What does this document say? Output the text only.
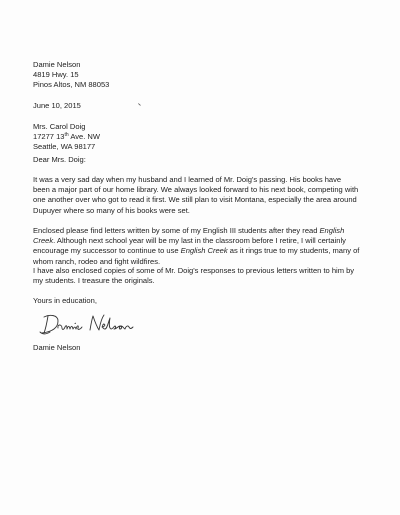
Damie Nelson
4819 Hwy. 15
Pinos Altos, NM 88053
June 10, 2015
Mrs. Carol Doig
17277 13th Ave. NW
Seattle, WA 98177
Dear Mrs. Doig:
It was a very sad day when my husband and I learned of Mr. Doig's passing. His books have
been a major part of our home library. We always looked forward to his next book, competing with
one another over who got to read it first. We still plan to visit Montana, especially the area around
Dupuyer where so many of his books were set.
Enclosed please find letters written by some of my English III students after they read English
Creek. Although next school year will be my last in the classroom before I retire, I will certainly
encourage my successor to continue to use English Creek as it rings true to my students, many of
whom ranch, rodeo and fight wildfires.
I have also enclosed copies of some of Mr. Doig's responses to previous letters written to him by
my students. I treasure the originals.
Yours in education,
Damie Nelson
